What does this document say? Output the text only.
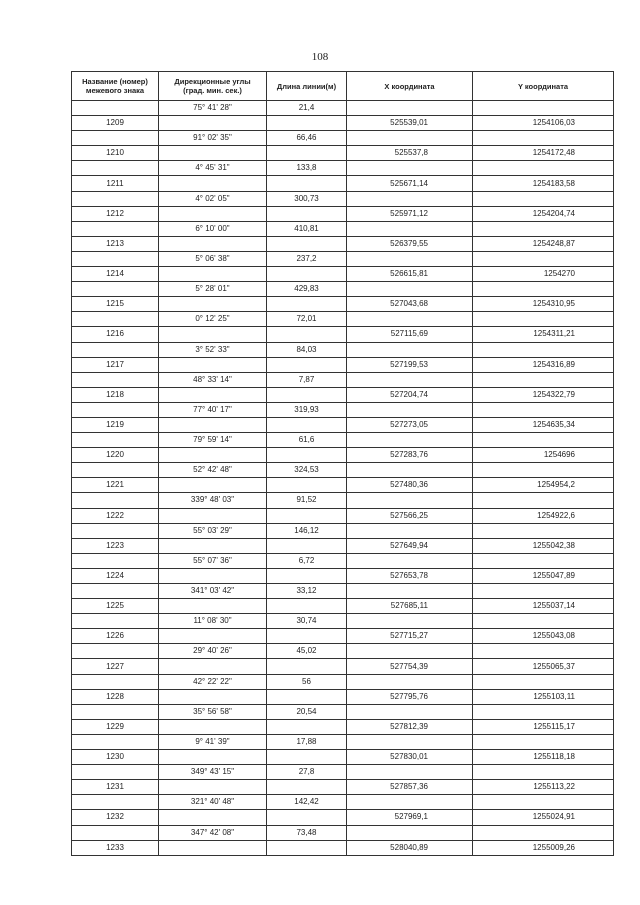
108
Название (номер)
межевого знака	Дирекционные углы
(град. мин. сек.)	Длина линии(м)	X координата	Y координата
	75° 41' 28"	21,4		
1209			525539,01	1254106,03
	91° 02' 35"	66,46		
1210			525537,8	1254172,48
	4° 45' 31"	133,8		
1211			525671,14	1254183,58
	4° 02' 05"	300,73		
1212			525971,12	1254204,74
	6° 10' 00"	410,81		
1213			526379,55	1254248,87
	5° 06' 38"	237,2		
1214			526615,81	1254270
	5° 28' 01"	429,83		
1215			527043,68	1254310,95
	0° 12' 25"	72,01		
1216			527115,69	1254311,21
	3° 52' 33"	84,03		
1217			527199,53	1254316,89
	48° 33' 14"	7,87		
1218			527204,74	1254322,79
	77° 40' 17"	319,93		
1219			527273,05	1254635,34
	79° 59' 14"	61,6		
1220			527283,76	1254696
	52° 42' 48"	324,53		
1221			527480,36	1254954,2
	339° 48' 03"	91,52		
1222			527566,25	1254922,6
	55° 03' 29"	146,12		
1223			527649,94	1255042,38
	55° 07' 36"	6,72		
1224			527653,78	1255047,89
	341° 03' 42"	33,12		
1225			527685,11	1255037,14
	11° 08' 30"	30,74		
1226			527715,27	1255043,08
	29° 40' 26"	45,02		
1227			527754,39	1255065,37
	42° 22' 22"	56		
1228			527795,76	1255103,11
	35° 56' 58"	20,54		
1229			527812,39	1255115,17
	9° 41' 39"	17,88		
1230			527830,01	1255118,18
	349° 43' 15"	27,8		
1231			527857,36	1255113,22
	321° 40' 48"	142,42		
1232			527969,1	1255024,91
	347° 42' 08"	73,48		
1233			528040,89	1255009,26
